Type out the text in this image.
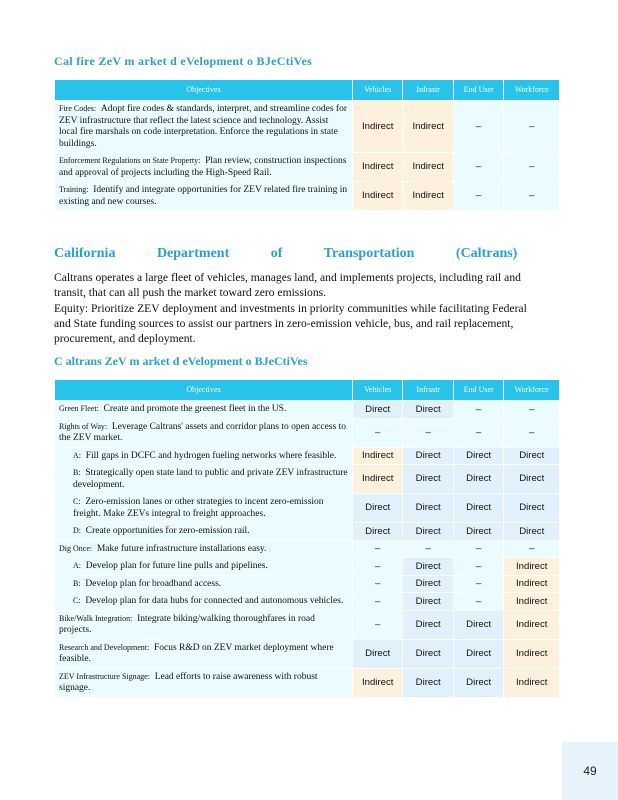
Cal fire ZeV m arket d eVelopment o BJeCtiVes
Objectives	Vehicles	Infrastr	End User	Workforce
Fire Codes: Adopt fire codes & standards, interpret, and streamline codes for ZEV infrastructure that reflect the latest science and technology. Assist local fire marshals on code interpretation. Enforce the regulations in state buildings.	Indirect	Indirect	–	–
Enforcement Regulations on State Property: Plan review, construction inspections and approval of projects including the High-Speed Rail.	Indirect	Indirect	–	–
Training: Identify and integrate opportunities for ZEV related fire training in existing and new courses.	Indirect	Indirect	–	–
California Department of Transportation (Caltrans)
Caltrans operates a large fleet of vehicles, manages land, and implements projects, including rail and transit, that can all push the market toward zero emissions.
Equity: Prioritize ZEV deployment and investments in priority communities while facilitating Federal and State funding sources to assist our partners in zero-emission vehicle, bus, and rail replacement, procurement, and deployment.
C altrans ZeV m arket d eVelopment o BJeCtiVes
Objectives	Vehicles	Infrastr	End User	Workforce
Green Fleet: Create and promote the greenest fleet in the US.	Direct	Direct	–	–
Rights of Way: Leverage Caltrans' assets and corridor plans to open access to the ZEV market.	–	–	–	–
A: Fill gaps in DCFC and hydrogen fueling networks where feasible.	Indirect	Direct	Direct	Direct
B: Strategically open state land to public and private ZEV infrastructure development.	Indirect	Direct	Direct	Direct
C: Zero-emission lanes or other strategies to incent zero-emission freight. Make ZEVs integral to freight approaches.	Direct	Direct	Direct	Direct
D: Create opportunities for zero-emission rail.	Direct	Direct	Direct	Direct
Dig Once: Make future infrastructure installations easy.	–	–	–	–
A: Develop plan for future line pulls and pipelines.	–	Direct	–	Indirect
B: Develop plan for broadband access.	–	Direct	–	Indirect
C: Develop plan for data hubs for connected and autonomous vehicles.	–	Direct	–	Indirect
Bike/Walk Integration: Integrate biking/walking thoroughfares in road projects.	–	Direct	Direct	Indirect
Research and Development: Focus R&D on ZEV market deployment where feasible.	Direct	Direct	Direct	Indirect
ZEV Infrastructure Signage: Lead efforts to raise awareness with robust signage.	Indirect	Direct	Direct	Indirect
49
